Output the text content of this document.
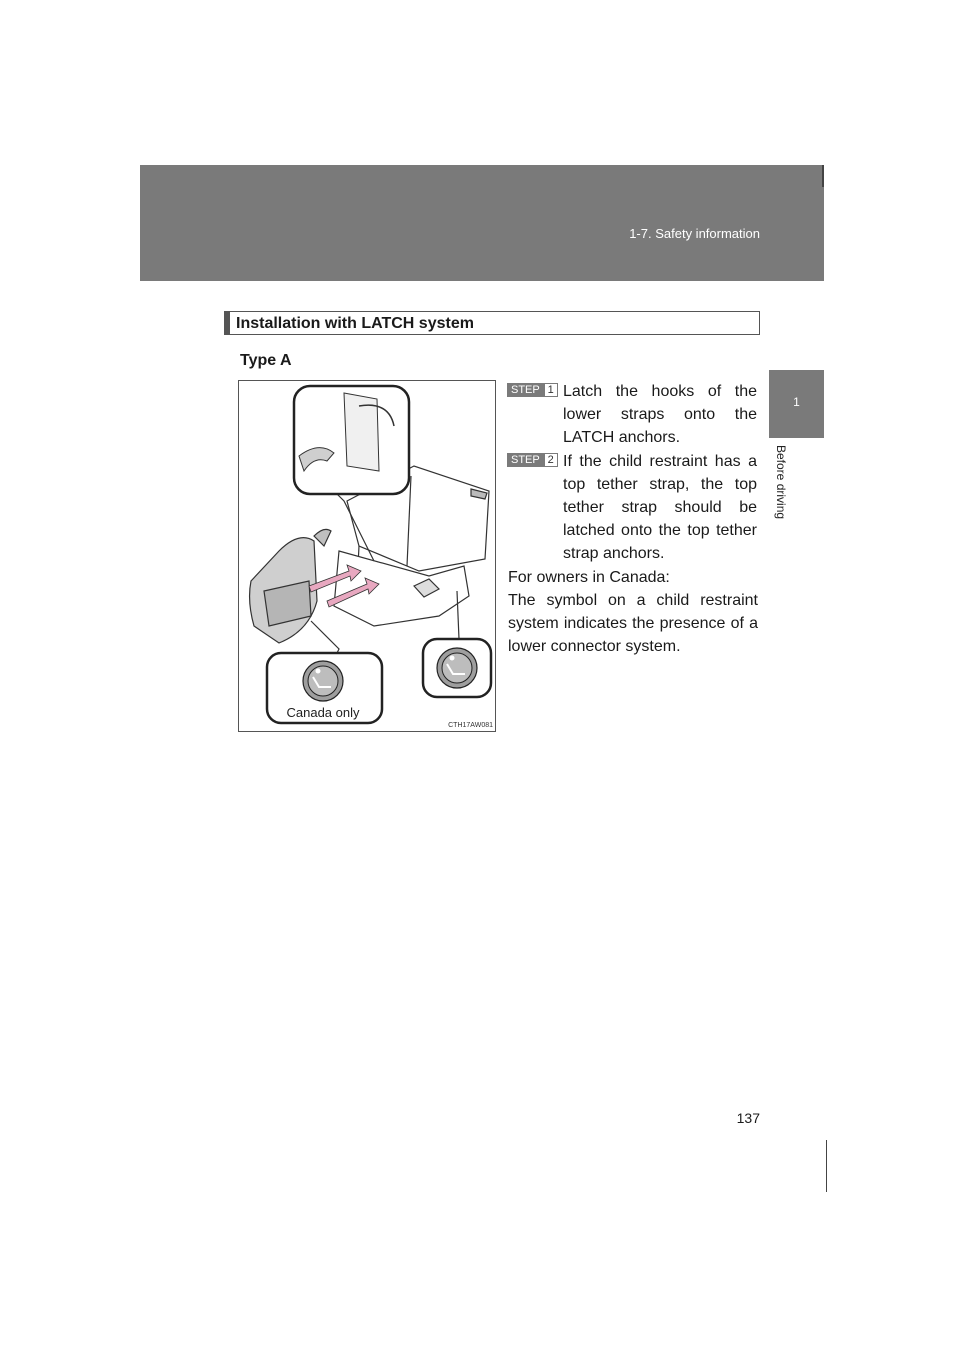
1-7. Safety information
1
Before driving
Installation with LATCH system
Type A
Canada only
CTH17AW081
STEP 1 Latch the hooks of the lower straps onto the LATCH anchors.
STEP 2 If the child restraint has a top tether strap, the top tether strap should be latched onto the top tether strap anchors.

For owners in Canada:

The symbol on a child restraint system indicates the presence of a lower connector system.

137
